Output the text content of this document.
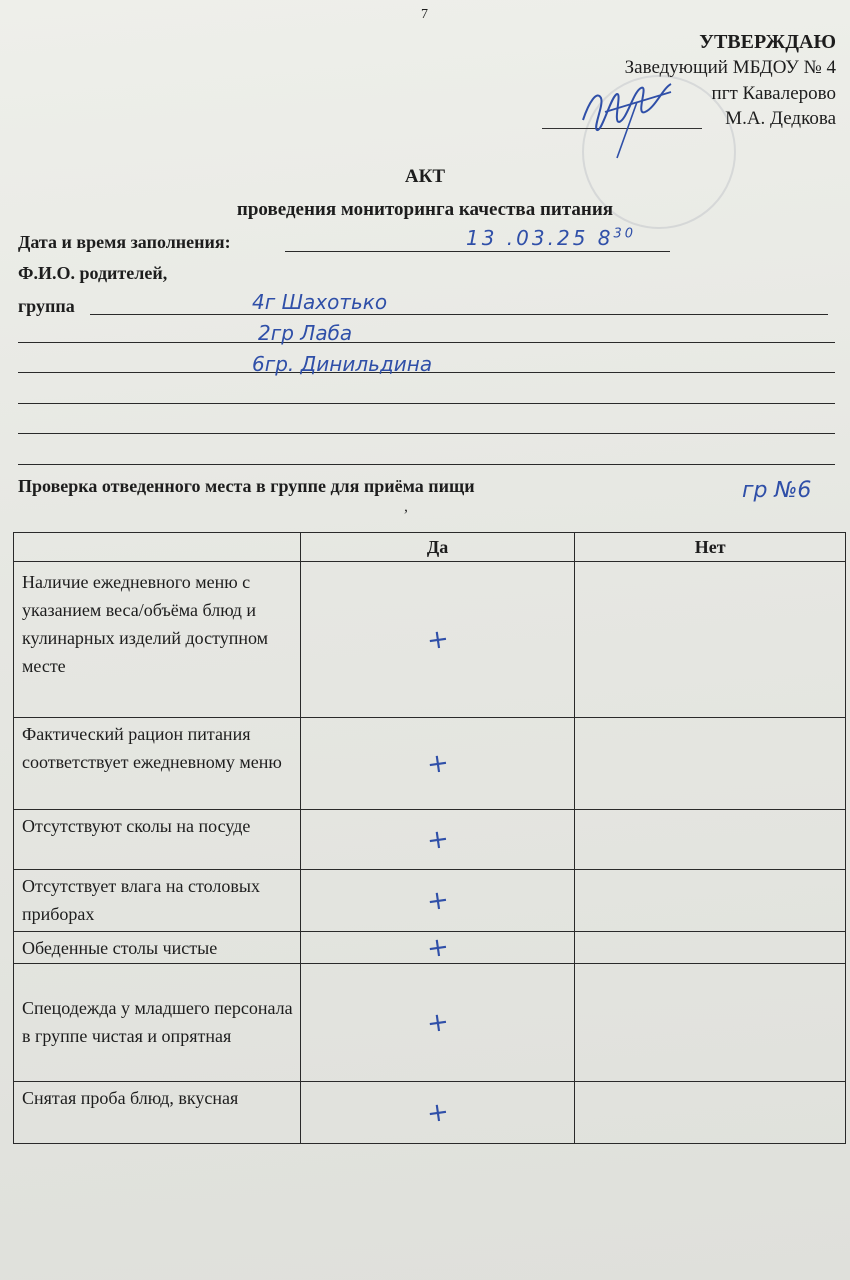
7
УТВЕРЖДАЮ
Заведующий МБДОУ № 4
пгт Кавалерово
М.А. Дедкова
АКТ
проведения мониторинга качества питания
Дата и время заполнения:	13 .03.25 $8^{30}$
Ф.И.О. родителей,
группа	4г Шахотько
2гр Лаба
6гр. Динильдина
Проверка отведенного места в группе для приёма пищи	гр №6
,
	Да	Нет
Наличие ежедневного меню с указанием веса/объёма блюд и кулинарных изделий доступном месте	+	
Фактический рацион питания соответствует ежедневному меню	+	
Отсутствуют сколы на посуде	+	
Отсутствует влага на столовых приборах	+	
Обеденные столы чистые	+	
Спецодежда у младшего персонала в группе чистая и опрятная	+	
Снятая проба блюд, вкусная	+	
